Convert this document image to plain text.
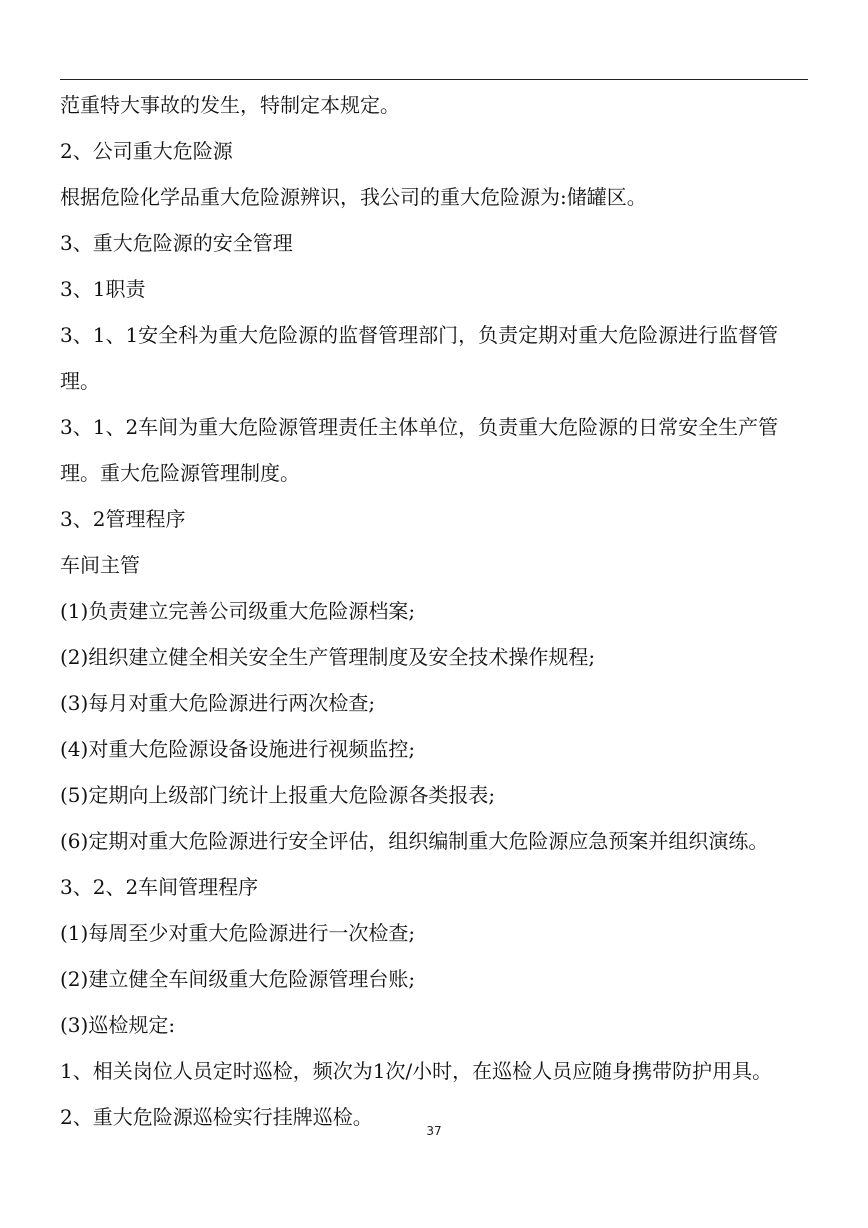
范重特大事故的发生，特制定本规定。

2、公司重大危险源

根据危险化学品重大危险源辨识，我公司的重大危险源为:储罐区。

3、重大危险源的安全管理

3、1职责

3、1、1安全科为重大危险源的监督管理部门，负责定期对重大危险源进行监督管

理。

3、1、2车间为重大危险源管理责任主体单位，负责重大危险源的日常安全生产管

理。重大危险源管理制度。

3、2管理程序

车间主管

(1)负责建立完善公司级重大危险源档案;

(2)组织建立健全相关安全生产管理制度及安全技术操作规程;

(3)每月对重大危险源进行两次检查;

(4)对重大危险源设备设施进行视频监控;

(5)定期向上级部门统计上报重大危险源各类报表;

(6)定期对重大危险源进行安全评估，组织编制重大危险源应急预案并组织演练。

3、2、2车间管理程序

(1)每周至少对重大危险源进行一次检查;

(2)建立健全车间级重大危险源管理台账;

(3)巡检规定:

1、相关岗位人员定时巡检，频次为1次/小时，在巡检人员应随身携带防护用具。

2、重大危险源巡检实行挂牌巡检。

37
